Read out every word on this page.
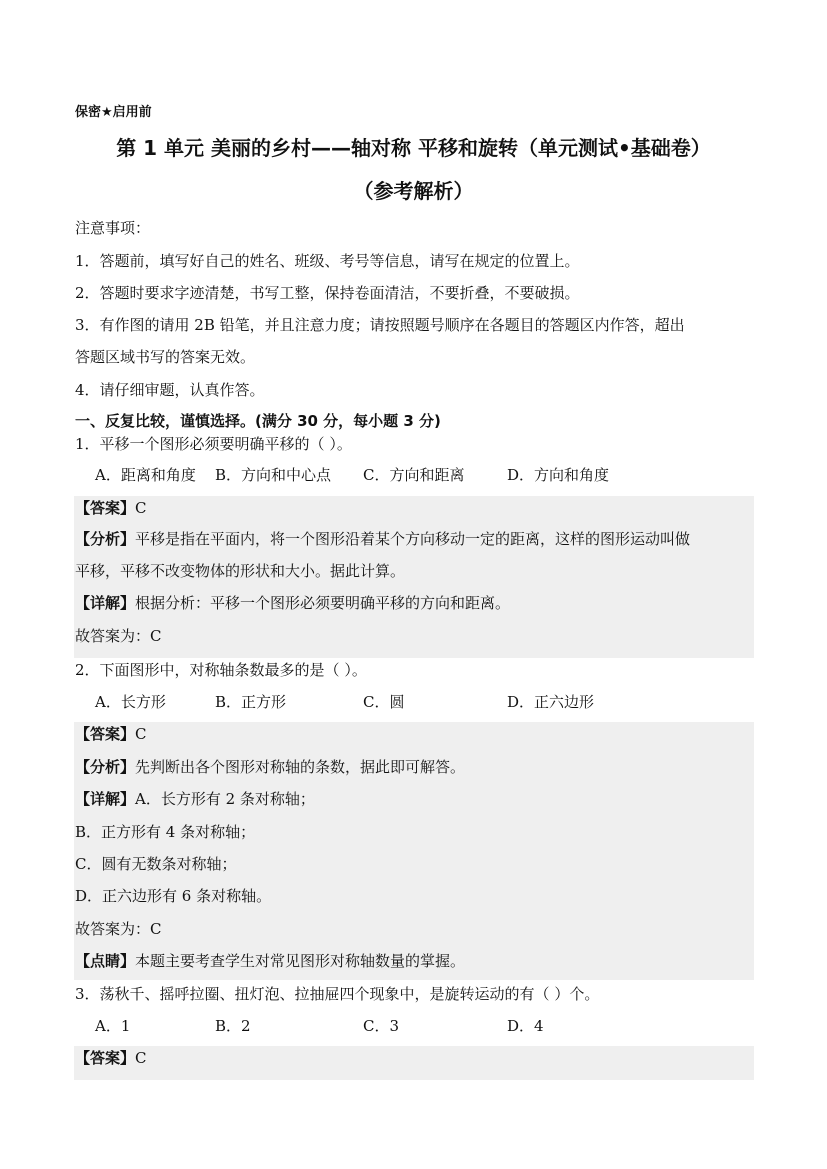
保密★启用前
第 1 单元 美丽的乡村——轴对称 平移和旋转（单元测试•基础卷）
（参考解析）
注意事项：
1．答题前，填写好自己的姓名、班级、考号等信息，请写在规定的位置上。
2．答题时要求字迹清楚，书写工整，保持卷面清洁，不要折叠，不要破损。
3．有作图的请用 2B 铅笔，并且注意力度；请按照题号顺序在各题目的答题区内作答，超出
答题区域书写的答案无效。
4．请仔细审题，认真作答。
一、反复比较，谨慎选择。(满分 30 分，每小题 3 分)
1．平移一个图形必须要明确平移的（ ）。
A．距离和角度 B．方向和中心点 C．方向和距离	D．方向和角度
【答案】C
【分析】平移是指在平面内，将一个图形沿着某个方向移动一定的距离，这样的图形运动叫做
平移，平移不改变物体的形状和大小。据此计算。
【详解】根据分析：平移一个图形必须要明确平移的方向和距离。
故答案为：C
2．下面图形中，对称轴条数最多的是（ ）。
A．长方形	B．正方形	C．圆	D．正六边形
【答案】C
【分析】先判断出各个图形对称轴的条数，据此即可解答。
【详解】A．长方形有 2 条对称轴；
B．正方形有 4 条对称轴；
C．圆有无数条对称轴；
D．正六边形有 6 条对称轴。
故答案为：C
【点睛】本题主要考查学生对常见图形对称轴数量的掌握。
3．荡秋千、摇呼拉圈、扭灯泡、拉抽屉四个现象中，是旋转运动的有（ ）个。
A．1	B．2	C．3	D．4
【答案】C
